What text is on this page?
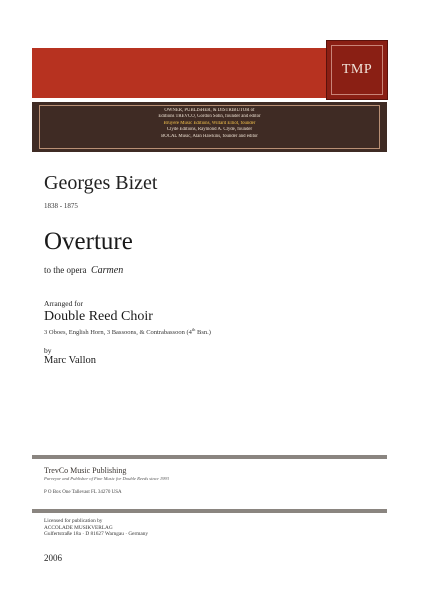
TMP
OWNER, PUBLISHER, & DISTRIBUTOR of
Editions TREVCO, Gordon Sohn, founder and editor
Bruyere Music Editions, Willard Elliot, founder
Clyde Editions, Raymond A. Clyde, founder
BOCAL Music, Alan Hawkins, founder and editor
Georges Bizet
1838 - 1875
Overture
to the opera Carmen
Arranged for
Double Reed Choir
3 Oboes, English Horn, 3 Bassoons, & Contrabassoon (4th Bsn.)
by
Marc Vallon
TrevCo Music Publishing
Purveyor and Publisher of Fine Music for Double Reeds since 1993
P O Box One Tallevast FL 34270 USA
Licensed for publication by
ACCOLADE MUSIKVERLAG
Gulfertstraße 18a · D 81627 Warngau · Germany
2006
